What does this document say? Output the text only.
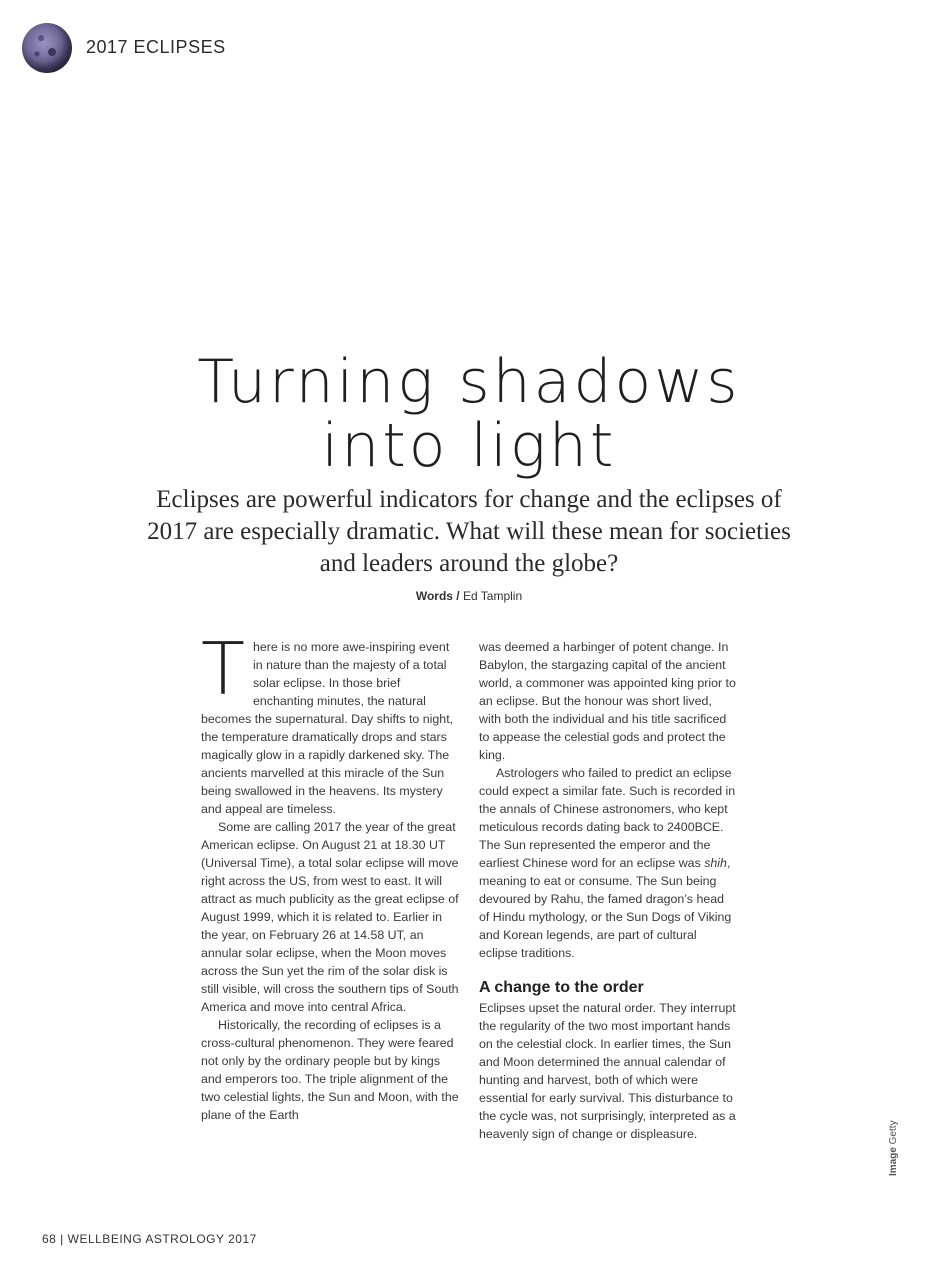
2017 ECLIPSES
Turning shadows
into light

Eclipses are powerful indicators for change and the eclipses of 2017 are especially dramatic. What will these mean for societies and leaders around the globe?

Words / Ed Tamplin

There is no more awe-inspiring event in nature than the majesty of a total solar eclipse. In those brief enchanting minutes, the natural becomes the supernatural. Day shifts to night, the temperature dramatically drops and stars magically glow in a rapidly darkened sky. The ancients marvelled at this miracle of the Sun being swallowed in the heavens. Its mystery and appeal are timeless.

Some are calling 2017 the year of the great American eclipse. On August 21 at 18.30 UT (Universal Time), a total solar eclipse will move right across the US, from west to east. It will attract as much publicity as the great eclipse of August 1999, which it is related to. Earlier in the year, on February 26 at 14.58 UT, an annular solar eclipse, when the Moon moves across the Sun yet the rim of the solar disk is still visible, will cross the southern tips of South America and move into central Africa.

Historically, the recording of eclipses is a cross-cultural phenomenon. They were feared not only by the ordinary people but by kings and emperors too. The triple alignment of the two celestial lights, the Sun and Moon, with the plane of the Earth

was deemed a harbinger of potent change. In Babylon, the stargazing capital of the ancient world, a commoner was appointed king prior to an eclipse. But the honour was short lived, with both the individual and his title sacrificed to appease the celestial gods and protect the king.

Astrologers who failed to predict an eclipse could expect a similar fate. Such is recorded in the annals of Chinese astronomers, who kept meticulous records dating back to 2400BCE. The Sun represented the emperor and the earliest Chinese word for an eclipse was shih, meaning to eat or consume. The Sun being devoured by Rahu, the famed dragon’s head of Hindu mythology, or the Sun Dogs of Viking and Korean legends, are part of cultural eclipse traditions.

A change to the order

Eclipses upset the natural order. They interrupt the regularity of the two most important hands on the celestial clock. In earlier times, the Sun and Moon determined the annual calendar of hunting and harvest, both of which were essential for early survival. This disturbance to the cycle was, not surprisingly, interpreted as a heavenly sign of change or displeasure.

Image Getty
68 | WELLBEING ASTROLOGY 2017
